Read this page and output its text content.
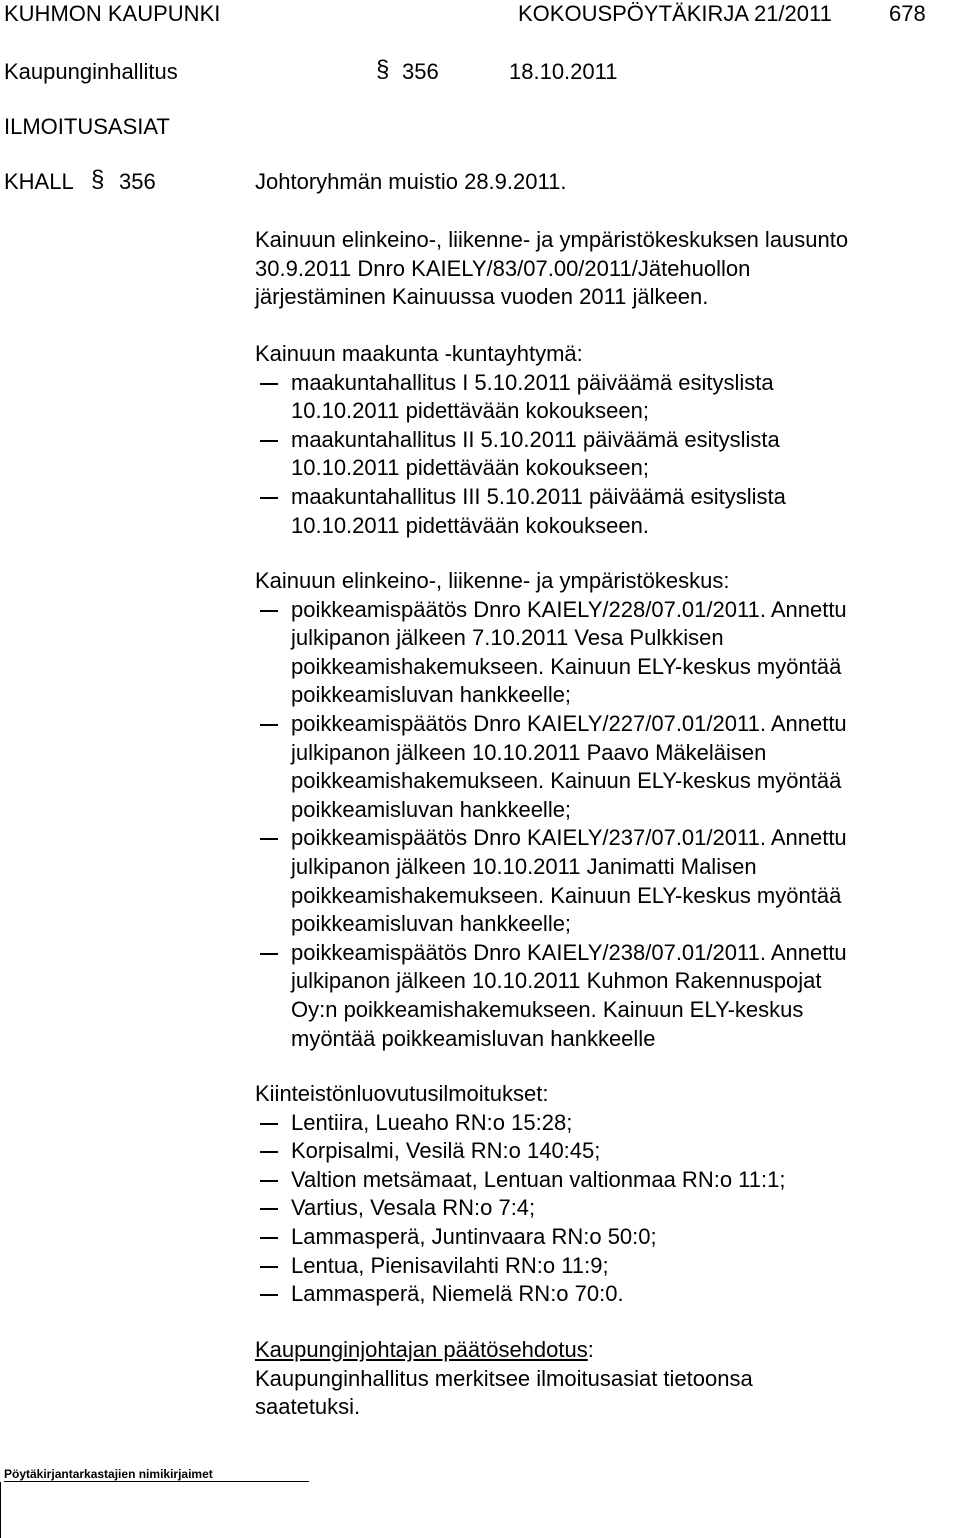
KUHMON KAUPUNKI	KOKOUSPÖYTÄKIRJA 21/2011	678
Kaupunginhallitus	§ 356	18.10.2011
ILMOITUSASIAT
KHALL § 356	Johtoryhmän muistio 28.9.2011.
Kainuun elinkeino-, liikenne- ja ympäristökeskuksen lausunto
30.9.2011 Dnro KAIELY/83/07.00/2011/Jätehuollon
järjestäminen Kainuussa vuoden 2011 jälkeen.
Kainuun maakunta -kuntayhtymä:
maakuntahallitus I 5.10.2011 päiväämä esityslista
10.10.2011 pidettävään kokoukseen;
maakuntahallitus II 5.10.2011 päiväämä esityslista
10.10.2011 pidettävään kokoukseen;
maakuntahallitus III 5.10.2011 päiväämä esityslista
10.10.2011 pidettävään kokoukseen.
Kainuun elinkeino-, liikenne- ja ympäristökeskus:
poikkeamispäätös Dnro KAIELY/228/07.01/2011. Annettu
julkipanon jälkeen 7.10.2011 Vesa Pulkkisen
poikkeamishakemukseen. Kainuun ELY-keskus myöntää
poikkeamisluvan hankkeelle;
poikkeamispäätös Dnro KAIELY/227/07.01/2011. Annettu
julkipanon jälkeen 10.10.2011 Paavo Mäkeläisen
poikkeamishakemukseen. Kainuun ELY-keskus myöntää
poikkeamisluvan hankkeelle;
poikkeamispäätös Dnro KAIELY/237/07.01/2011. Annettu
julkipanon jälkeen 10.10.2011 Janimatti Malisen
poikkeamishakemukseen. Kainuun ELY-keskus myöntää
poikkeamisluvan hankkeelle;
poikkeamispäätös Dnro KAIELY/238/07.01/2011. Annettu
julkipanon jälkeen 10.10.2011 Kuhmon Rakennuspojat
Oy:n poikkeamishakemukseen. Kainuun ELY-keskus
myöntää poikkeamisluvan hankkeelle
Kiinteistönluovutusilmoitukset:
Lentiira, Lueaho RN:o 15:28;
Korpisalmi, Vesilä RN:o 140:45;
Valtion metsämaat, Lentuan valtionmaa RN:o 11:1;
Vartius, Vesala RN:o 7:4;
Lammasperä, Juntinvaara RN:o 50:0;
Lentua, Pienisavilahti RN:o 11:9;
Lammasperä, Niemelä RN:o 70:0.
Kaupunginjohtajan päätösehdotus:
Kaupunginhallitus merkitsee ilmoitusasiat tietoonsa
saatetuksi.
Pöytäkirjantarkastajien nimikirjaimet
